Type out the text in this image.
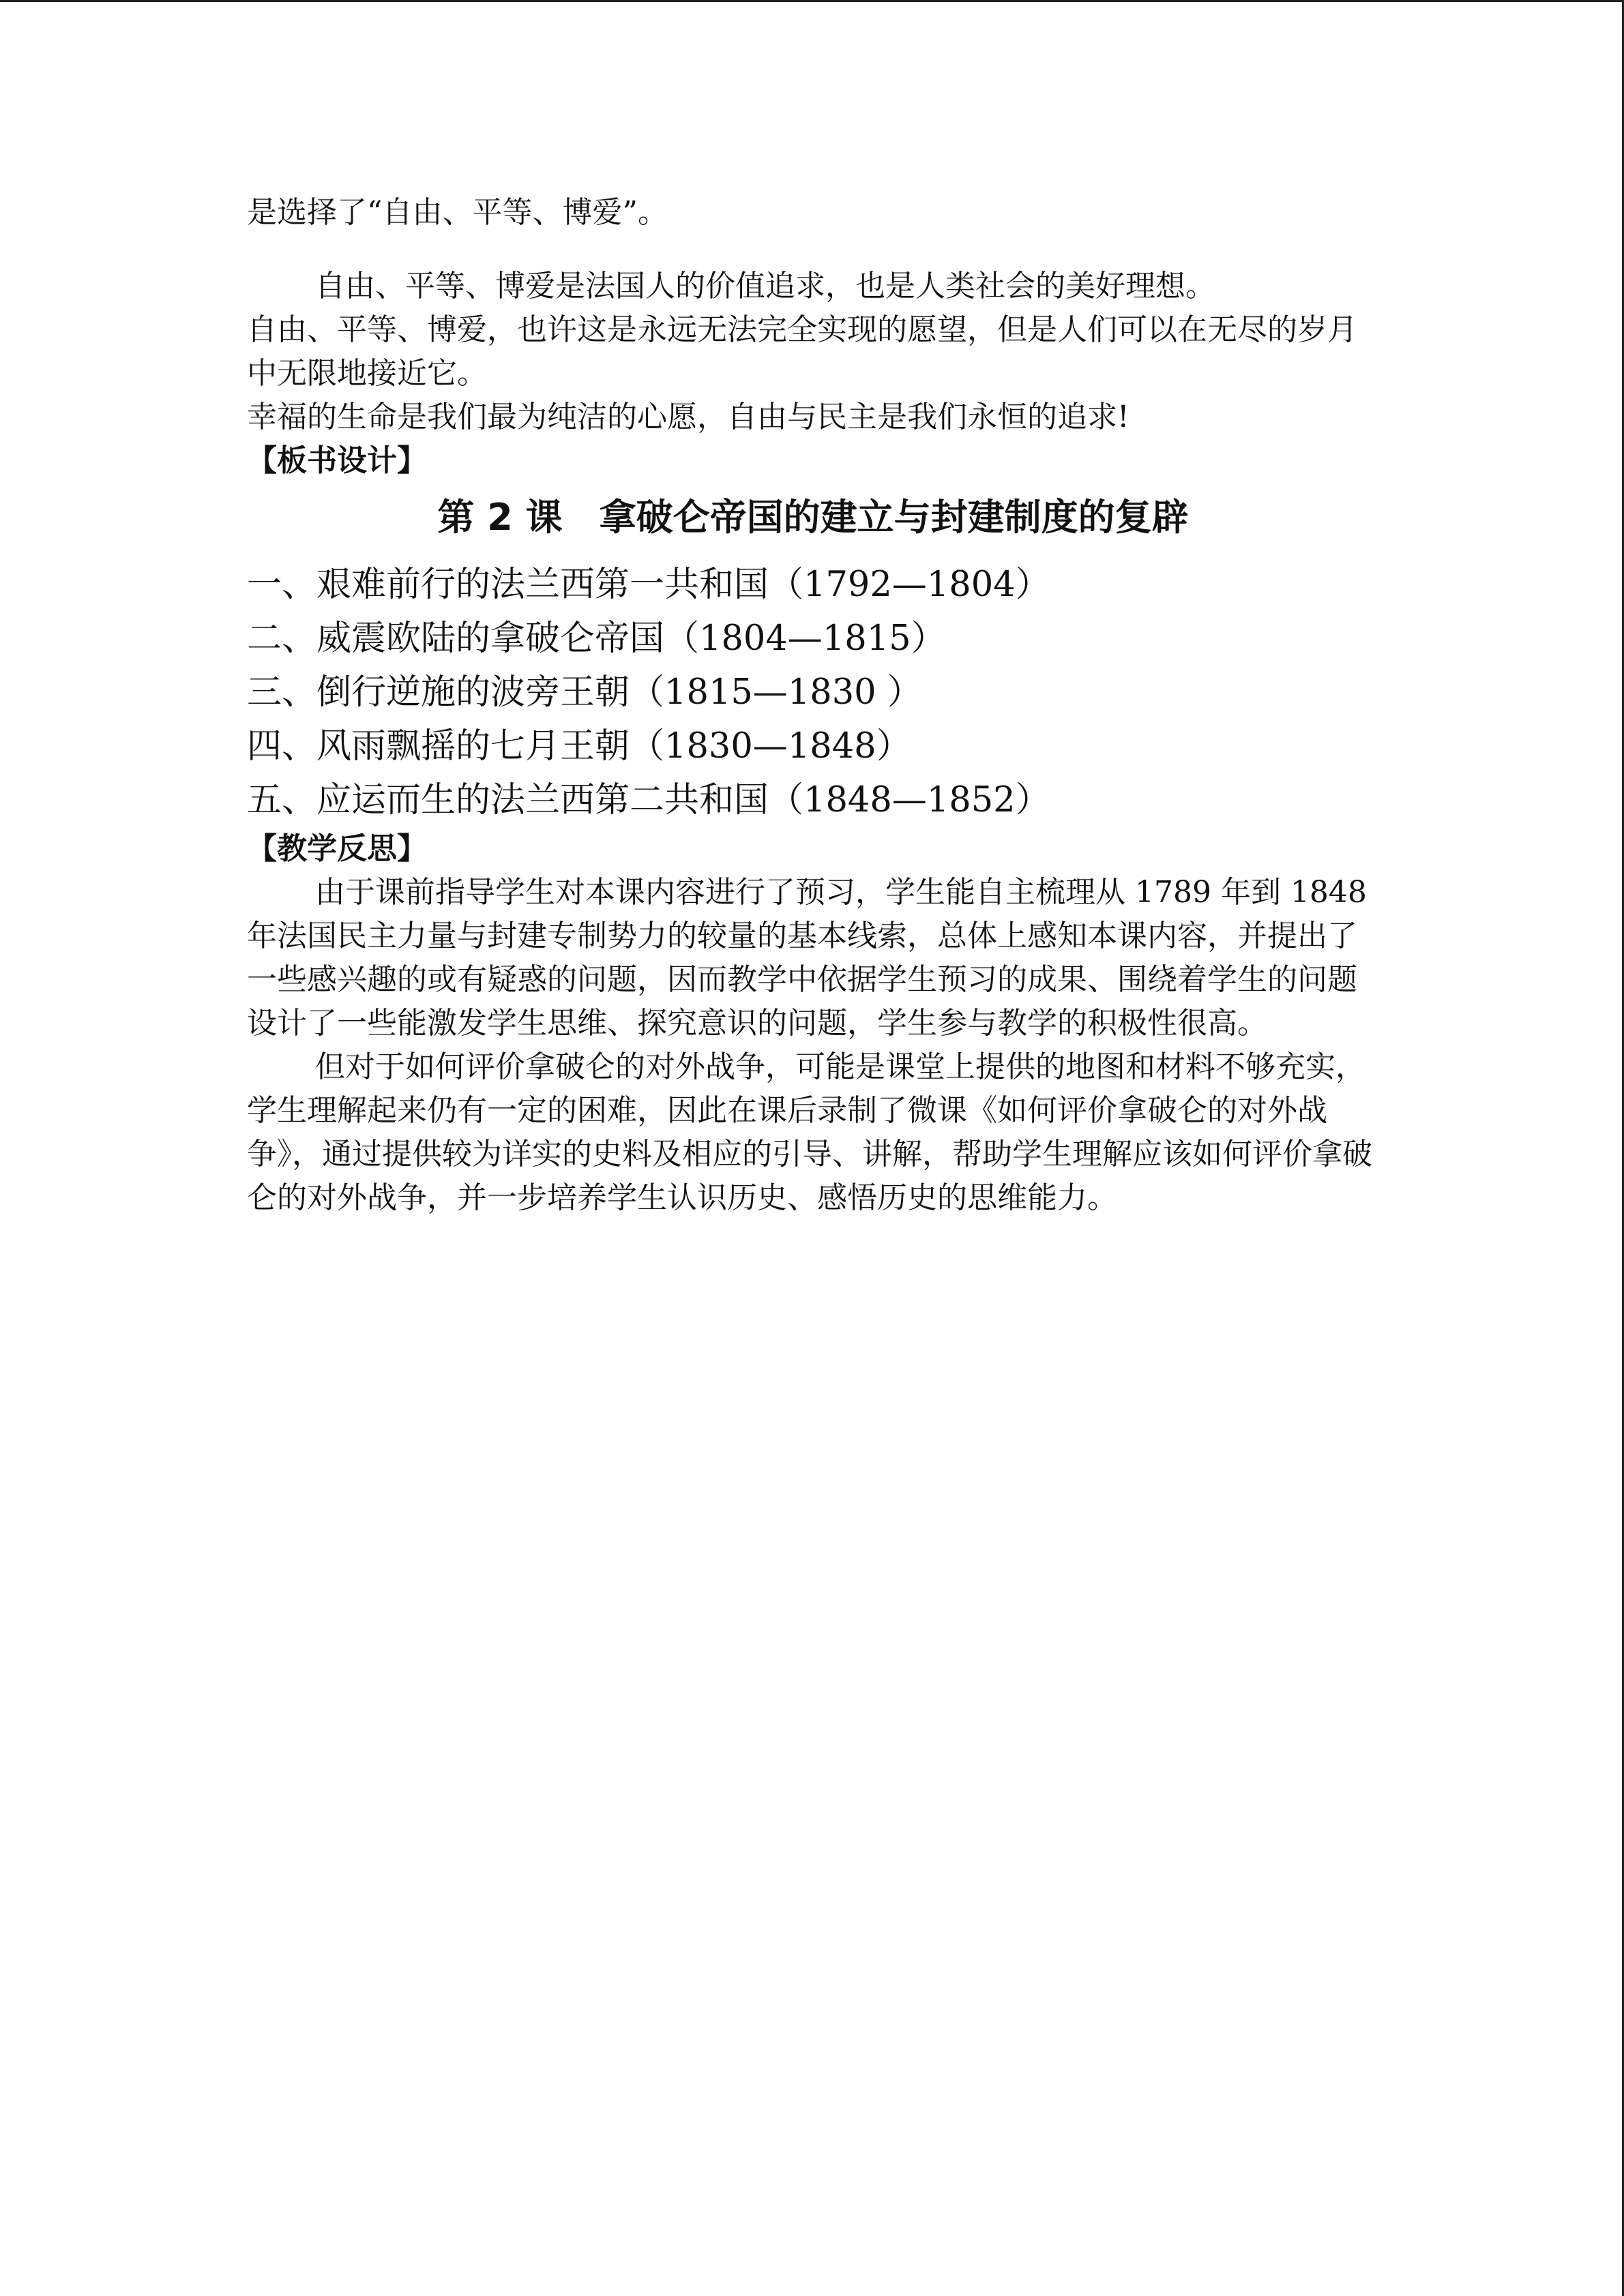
是选择了“自由、平等、博爱”。

自由、平等、博爱是法国人的价值追求，也是人类社会的美好理想。

自由、平等、博爱，也许这是永远无法完全实现的愿望，但是人们可以在无尽的岁月中无限地接近它。

幸福的生命是我们最为纯洁的心愿，自由与民主是我们永恒的追求!

【板书设计】

第 2 课　拿破仑帝国的建立与封建制度的复辟

一、艰难前行的法兰西第一共和国（1792—1804）

二、威震欧陆的拿破仑帝国（1804—1815）

三、倒行逆施的波旁王朝（1815—1830 ）

四、风雨飘摇的七月王朝（1830—1848）

五、应运而生的法兰西第二共和国（1848—1852）

【教学反思】

由于课前指导学生对本课内容进行了预习，学生能自主梳理从 1789 年到 1848 年法国民主力量与封建专制势力的较量的基本线索，总体上感知本课内容，并提出了一些感兴趣的或有疑惑的问题，因而教学中依据学生预习的成果、围绕着学生的问题设计了一些能激发学生思维、探究意识的问题，学生参与教学的积极性很高。

但对于如何评价拿破仑的对外战争，可能是课堂上提供的地图和材料不够充实，学生理解起来仍有一定的困难，因此在课后录制了微课《如何评价拿破仑的对外战争》，通过提供较为详实的史料及相应的引导、讲解，帮助学生理解应该如何评价拿破仑的对外战争，并一步培养学生认识历史、感悟历史的思维能力。
